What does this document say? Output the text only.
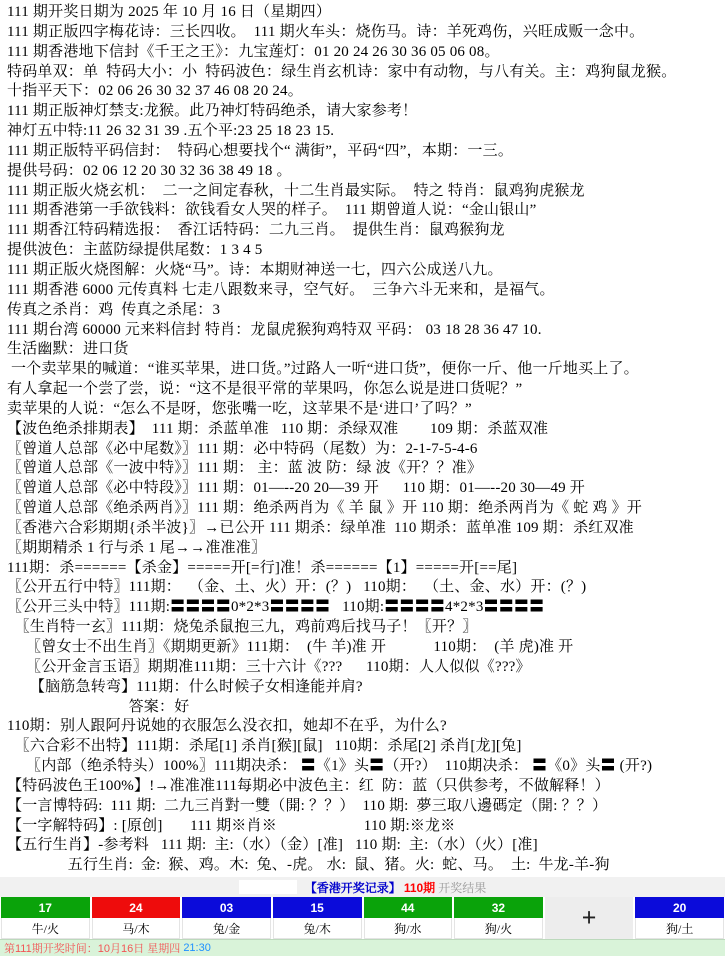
111 期开奖日期为 2025 年 10 月 16 日（星期四）
111 期正版四字梅花诗：三长四收。  111 期火车头：烧伤马。诗：羊死鸡伤，兴旺成贩一念中。
111 期香港地下信封《千王之王》：九宝莲灯：01 20 24 26 30 36 05 06 08。
特码单双：单  特码大小：小  特码波色：绿生肖玄机诗：家中有动物，与八有关。主：鸡狗鼠龙猴。
十指平天下：02 06 26 30 32 37 46 08 20 24。
111 期正版神灯禁支:龙猴。此乃神灯特码绝杀，请大家参考！
神灯五中特:11 26 32 31 39 .五个平:23 25 18 23 15.
111 期正版特平码信封：  特码心想要找个“ 满街”，平码“四”，本期：一三。
提供号码：02 06 12 20 30 32 36 38 49 18 。
111 期正版火烧玄机：  二一之间定春秋，十二生肖最实际。  特之 特肖：鼠鸡狗虎猴龙
111 期香港第一手欲钱料：欲钱看女人哭的样子。  111 期曾道人说：“金山银山”
111 期香江特码精选报：  香江话特码：二九三肖。  提供生肖：鼠鸡猴狗龙
提供波色：主蓝防绿提供尾数：1 3 4 5
111 期正版火烧图解：火烧“马”。诗：本期财神送一七，四六公成送八九。
111 期香港 6000 元传真料 七走八跟数来寻，空气好。  三争六斗无来和，是福气。
传真之杀肖：鸡  传真之杀尾：3
111 期台湾 60000 元来料信封 特肖：龙鼠虎猴狗鸡特双 平码： 03 18 28 36 47 10.
生活幽默：进口货
一个卖苹果的喊道：“谁买苹果，进口货。”过路人一听“进口货”，便你一斤、他一斤地买上了。
有人拿起一个尝了尝，说：“这不是很平常的苹果吗，你怎么说是进口货呢？”
卖苹果的人说：“怎么不是呀，您张嘴一吃，这苹果不是‘进口’了吗？”
【波色绝杀排期表】  111 期：杀蓝单准   110 期：杀绿双准        109 期：杀蓝双准
〖曾道人总部《必中尾数》〗111 期：必中特码（尾数）为：2-1-7-5-4-6
〖曾道人总部《一波中特》〗111 期： 主：蓝 波 防：绿 波《开？？准》
〖曾道人总部《必中特段》〗111 期：01—--20 20—39 开      110 期：01—--20 30—49 开
〖曾道人总部《绝杀两肖》〗111 期：绝杀两肖为《 羊 鼠 》开 110 期：绝杀两肖为《 蛇 鸡 》开
〖香港六合彩期期{杀半波}〗→已公开 111 期杀：绿单准  110 期杀：蓝单准 109 期：杀红双准
〖期期精杀 1 行与杀 1 尾→→准准准〗
111期：杀======【杀金】=====开[=行]准！杀======【1】=====开[==尾]
〖公开五行中特〗111期：  （金、土、火）开：(？)   110期：  （土、金、水）开：(？)
〖公开三头中特〗111期:〓〓〓〓0*2*3〓〓〓〓   110期:〓〓〓〓4*2*3〓〓〓〓
　〖生肖特一玄〗111期：烧兔杀鼠抱三九，鸡前鸡后找马子！〖开？〗
　 〖曾女士不出生肖〗《期期更新》111期：  (牛 羊)准 开            110期：  (羊 虎)准 开
　 〖公开金言玉语〗期期准111期：三十六计《???      110期：人人似似《???》
　　【脑筋急转弯】111期：什么时候子女相逢能并肩?
　　　　　　　　答案：好
110期：别人跟阿丹说她的衣服怎么没衣扣，她却不在乎，为什么?
　〖六合彩不出特】111期：杀尾[1] 杀肖[猴][鼠]   110期：杀尾[2] 杀肖[龙][兔]
　 〖内部（绝杀特头）100%〗111期决杀： 〓《1》头〓（开?）  110期决杀： 〓《0》头〓 (开?)
【特码波色王100%】!→准准准111每期必中波色主：红  防：蓝（只供参考，不做解释！）
【一言博特码:  111 期:  二九三肖對一雙（開: ？？）  110 期:  夢三取八邊碼定（開: ？？）
【一字解特码】: [原创]       111 期※肖※                      110 期:※龙※
【五行生肖】-参考料   111 期:  主:（水）（金）[准]   110 期:  主:（水）（火）[准]
　　　　五行生肖:  金:  猴、鸡。木:  兔、-虎。 水:  鼠、猪。火:  蛇、马。  土:  牛龙-羊-狗
【香港开奖记录】 110期 开奖结果
17
牛/火
24
马/木
03
兔/金
15
兔/木
44
狗/水
32
狗/火	+	20
狗/土
第111期开奖时间：10月16日 星期四 21:30
